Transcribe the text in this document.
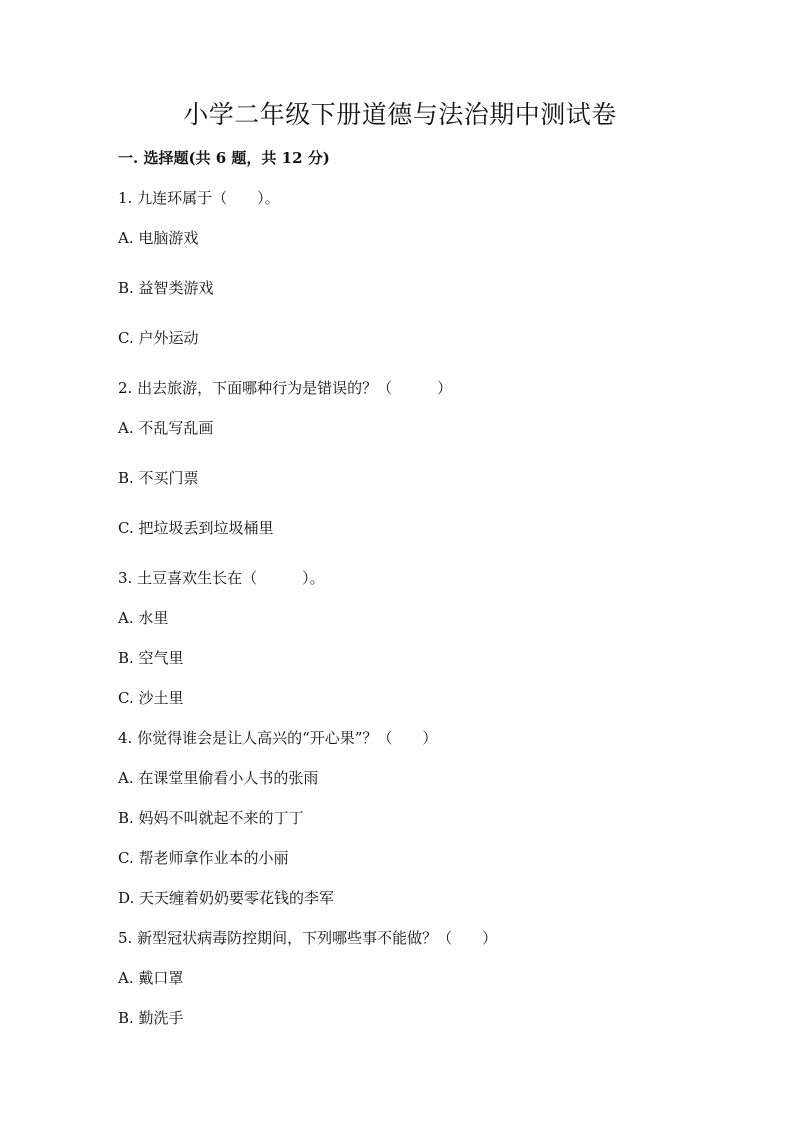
小学二年级下册道德与法治期中测试卷
一. 选择题(共 6 题，共 12 分)
1. 九连环属于（　　）。
A. 电脑游戏
B. 益智类游戏
C. 户外运动
2. 出去旅游，下面哪种行为是错误的？（　　　）
A. 不乱写乱画
B. 不买门票
C. 把垃圾丢到垃圾桶里
3. 土豆喜欢生长在（　　　）。
A. 水里
B. 空气里
C. 沙土里
4. 你觉得谁会是让人高兴的“开心果”？（　　）
A. 在课堂里偷看小人书的张雨
B. 妈妈不叫就起不来的丁丁
C. 帮老师拿作业本的小丽
D. 天天缠着奶奶要零花钱的李军
5. 新型冠状病毒防控期间，下列哪些事不能做？（　　）
A. 戴口罩
B. 勤洗手
